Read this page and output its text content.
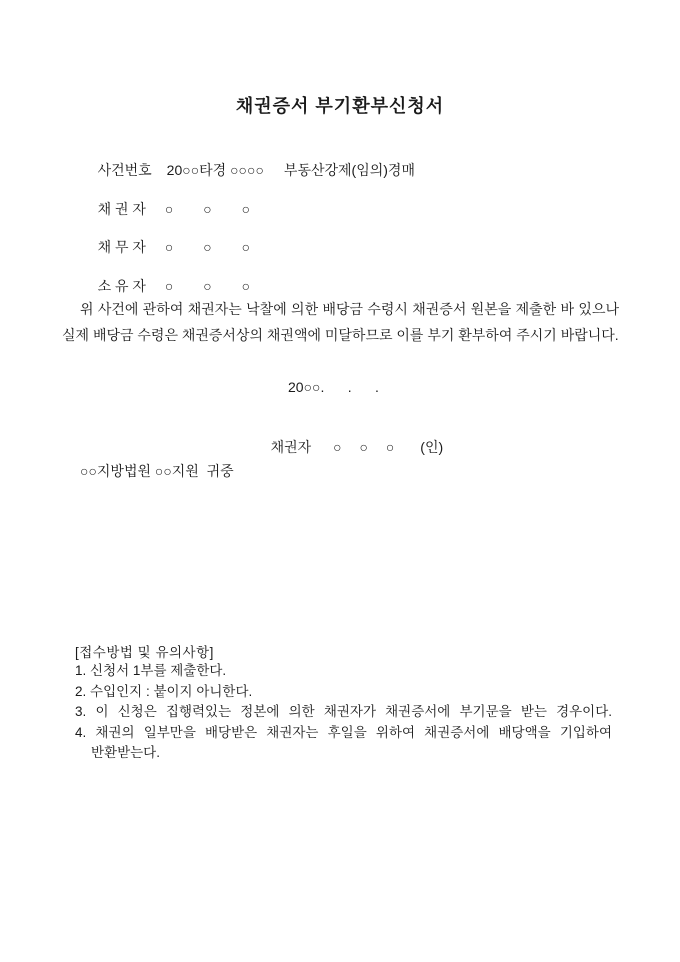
채권증서 부기환부신청서

사건번호 20○○타경 ○○○○ 부동산강제(임의)경매

채 권 자 ○ ○ ○

채 무 자 ○ ○ ○

소 유 자 ○ ○ ○

위 사건에 관하여 채권자는 낙찰에 의한 배당금 수령시 채권증서 원본을 제출한 바 있으나 실제 배당금 수령은 채권증서상의 채권액에 미달하므로 이를 부기 환부하여 주시기 바랍니다.

20○○.      .      .

채권자 ○ ○ ○ (인)

○○지방법원 ○○지원  귀중
[접수방법 및 유의사항]
1. 신청서 1부를 제출한다.
2. 수입인지 : 붙이지 아니한다.
3. 이 신청은 집행력있는 정본에 의한 채권자가 채권증서에 부기문을 받는 경우이다.
4. 채권의 일부만을 배당받은 채권자는 후일을 위하여 채권증서에 배당액을 기입하여 반환받는다.
